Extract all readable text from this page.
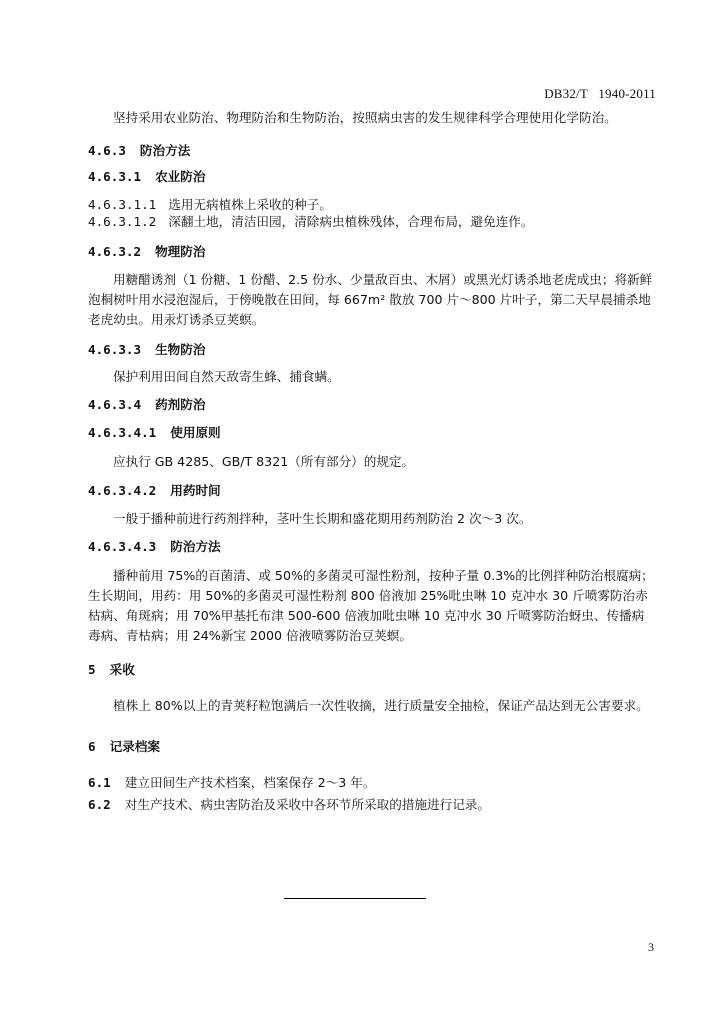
DB32/T   1940-2011
坚持采用农业防治、物理防治和生物防治，按照病虫害的发生规律科学合理使用化学防治。
4.6.3 防治方法
4.6.3.1 农业防治
4.6.3.1.1 选用无病植株上采收的种子。
4.6.3.1.2 深翻土地，清洁田园，清除病虫植株残体，合理布局，避免连作。
4.6.3.2 物理防治
用糖醋诱剂（1 份糖、1 份醋、2.5 份水、少量敌百虫、木屑）或黑光灯诱杀地老虎成虫；将新鲜泡桐树叶用水浸泡湿后，于傍晚散在田间，每 667m² 散放 700 片～800 片叶子，第二天早晨捕杀地老虎幼虫。用汞灯诱杀豆荚螟。
4.6.3.3 生物防治
保护利用田间自然天敌寄生蜂、捕食螨。
4.6.3.4 药剂防治
4.6.3.4.1 使用原则
应执行 GB 4285、GB/T 8321（所有部分）的规定。
4.6.3.4.2 用药时间
一般于播种前进行药剂拌种，茎叶生长期和盛花期用药剂防治 2 次～3 次。
4.6.3.4.3 防治方法
播种前用 75%的百菌清、或 50%的多菌灵可湿性粉剂，按种子量 0.3%的比例拌种防治根腐病；生长期间，用药：用 50%的多菌灵可湿性粉剂 800 倍液加 25%吡虫啉 10 克冲水 30 斤喷雾防治赤枯病、角斑病；用 70%甲基托布津 500-600 倍液加吡虫啉 10 克冲水 30 斤喷雾防治蚜虫、传播病毒病、青枯病；用 24%新宝 2000 倍液喷雾防治豆荚螟。
5 采收
植株上 80%以上的青荚籽粒饱满后一次性收摘，进行质量安全抽检，保证产品达到无公害要求。
6 记录档案
6.1 建立田间生产技术档案，档案保存 2～3 年。
6.2 对生产技术、病虫害防治及采收中各环节所采取的措施进行记录。
3
